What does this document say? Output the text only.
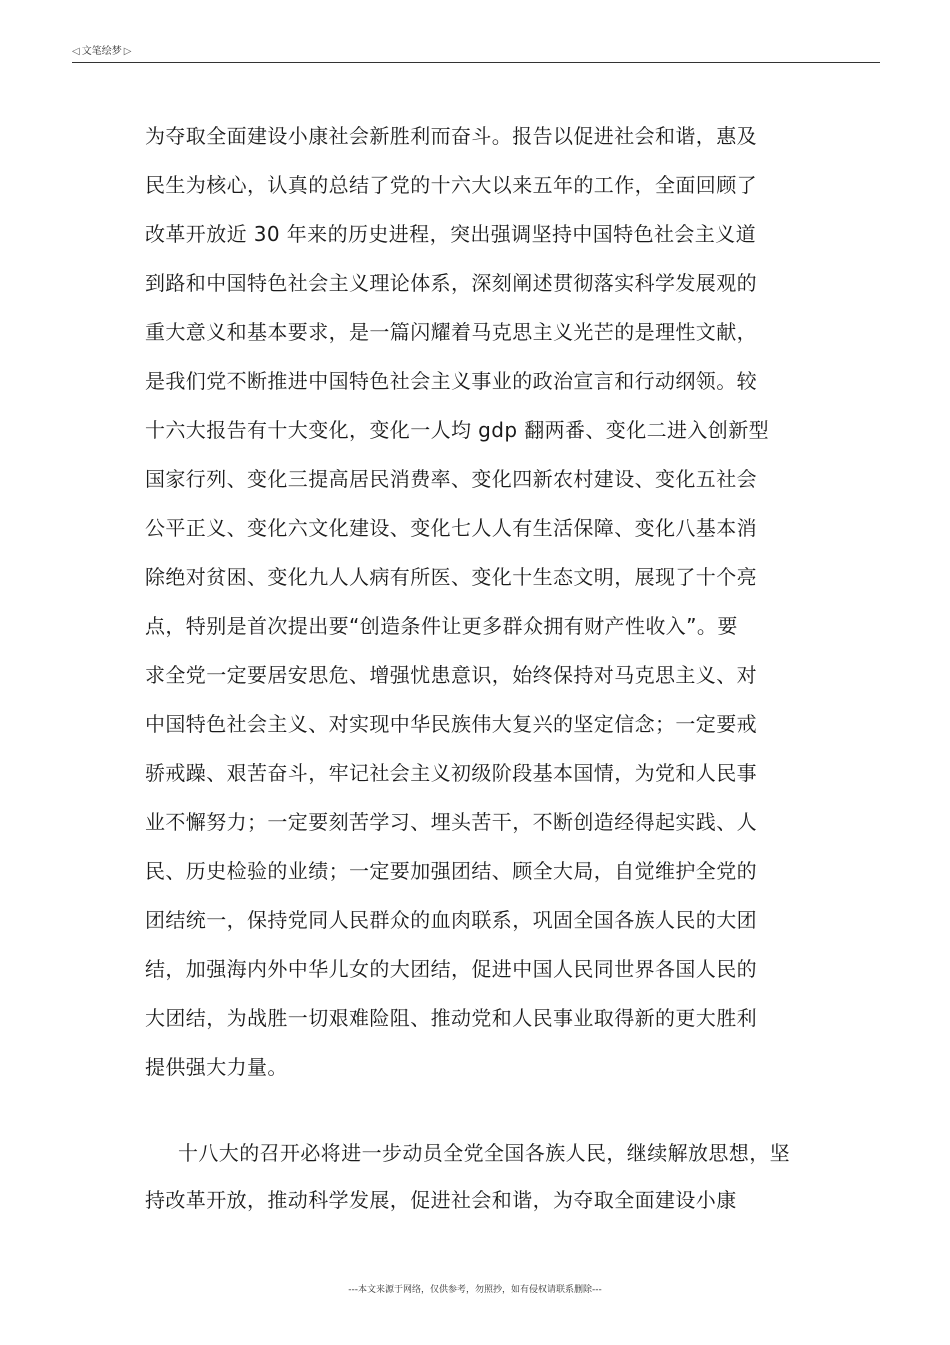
◁ 文笔绘梦 ▷
为夺取全面建设小康社会新胜利而奋斗。报告以促进社会和谐，惠及
民生为核心，认真的总结了党的十六大以来五年的工作，全面回顾了
改革开放近 30 年来的历史进程，突出强调坚持中国特色社会主义道
到路和中国特色社会主义理论体系，深刻阐述贯彻落实科学发展观的
重大意义和基本要求，是一篇闪耀着马克思主义光芒的是理性文献，
是我们党不断推进中国特色社会主义事业的政治宣言和行动纲领。较
十六大报告有十大变化，变化一人均 gdp 翻两番、变化二进入创新型
国家行列、变化三提高居民消费率、变化四新农村建设、变化五社会
公平正义、变化六文化建设、变化七人人有生活保障、变化八基本消
除绝对贫困、变化九人人病有所医、变化十生态文明，展现了十个亮
点，特别是首次提出要“创造条件让更多群众拥有财产性收入”。要
求全党一定要居安思危、增强忧患意识，始终保持对马克思主义、对
中国特色社会主义、对实现中华民族伟大复兴的坚定信念；一定要戒
骄戒躁、艰苦奋斗，牢记社会主义初级阶段基本国情，为党和人民事
业不懈努力；一定要刻苦学习、埋头苦干，不断创造经得起实践、人
民、历史检验的业绩；一定要加强团结、顾全大局，自觉维护全党的
团结统一，保持党同人民群众的血肉联系，巩固全国各族人民的大团
结，加强海内外中华儿女的大团结，促进中国人民同世界各国人民的
大团结，为战胜一切艰难险阻、推动党和人民事业取得新的更大胜利
提供强大力量。
十八大的召开必将进一步动员全党全国各族人民，继续解放思想，坚
持改革开放，推动科学发展，促进社会和谐，为夺取全面建设小康
---本文来源于网络，仅供参考，勿照抄，如有侵权请联系删除---
